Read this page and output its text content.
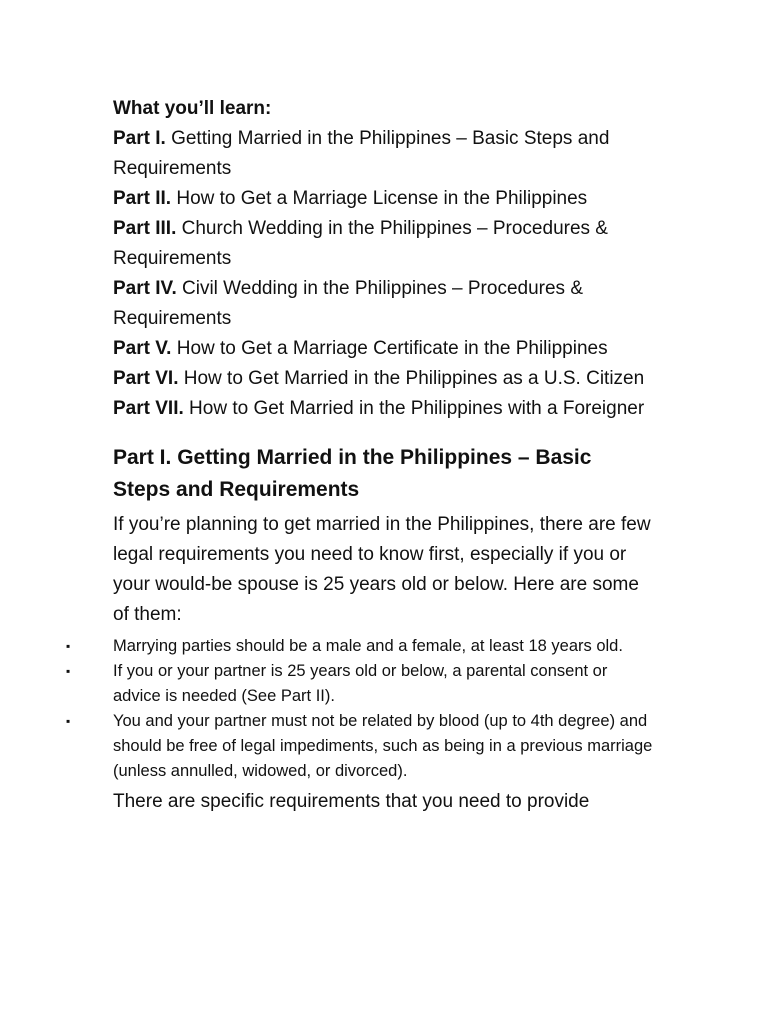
What you’ll learn:

Part I. Getting Married in the Philippines – Basic Steps and Requirements
Part II. How to Get a Marriage License in the Philippines
Part III. Church Wedding in the Philippines – Procedures & Requirements
Part IV. Civil Wedding in the Philippines – Procedures & Requirements
Part V. How to Get a Marriage Certificate in the Philippines
Part VI. How to Get Married in the Philippines as a U.S. Citizen
Part VII. How to Get Married in the Philippines with a Foreigner
Part I. Getting Married in the Philippines – Basic Steps and Requirements

If you’re planning to get married in the Philippines, there are few legal requirements you need to know first, especially if you or your would-be spouse is 25 years old or below. Here are some of them:

▪	Marrying parties should be a male and a female, at least 18 years old.
▪	If you or your partner is 25 years old or below, a parental consent or advice is needed (See Part II).
▪	You and your partner must not be related by blood (up to 4th degree) and should be free of legal impediments, such as being in a previous marriage (unless annulled, widowed, or divorced).

There are specific requirements that you need to provide
